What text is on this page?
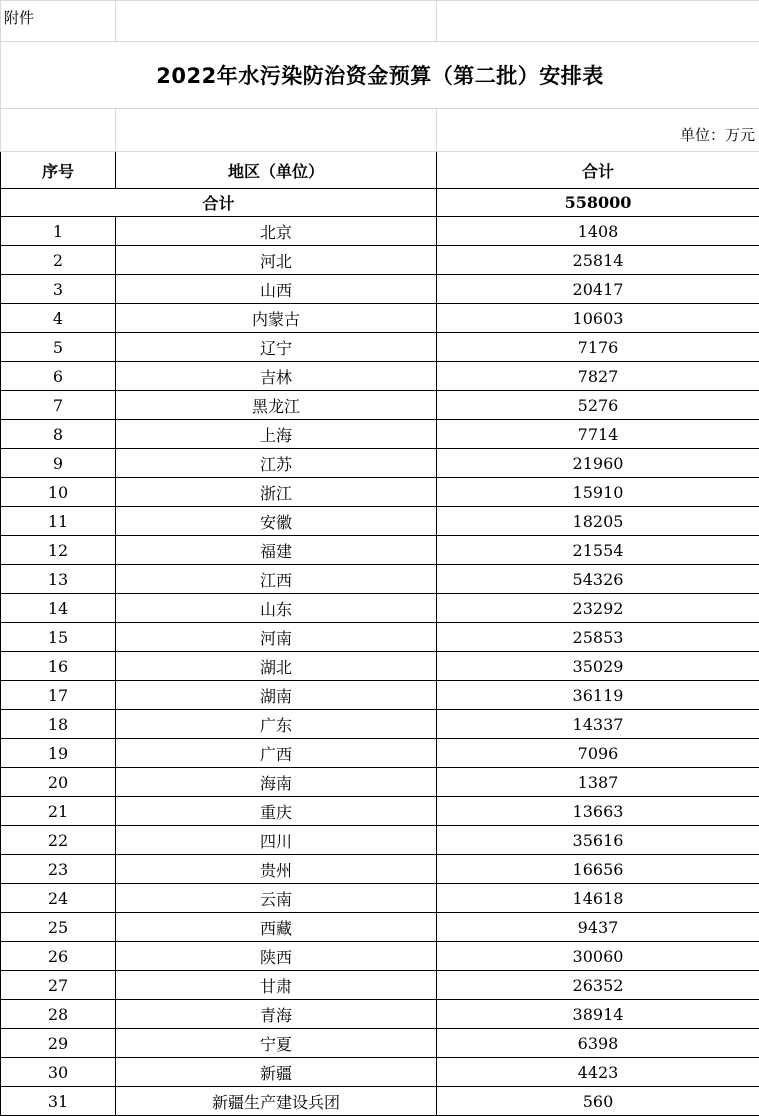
附件		
2022年水污染防治资金预算（第二批）安排表		
		单位：万元
序号	地区（单位）	合计
合计		558000
1	北京	1408
2	河北	25814
3	山西	20417
4	内蒙古	10603
5	辽宁	7176
6	吉林	7827
7	黑龙江	5276
8	上海	7714
9	江苏	21960
10	浙江	15910
11	安徽	18205
12	福建	21554
13	江西	54326
14	山东	23292
15	河南	25853
16	湖北	35029
17	湖南	36119
18	广东	14337
19	广西	7096
20	海南	1387
21	重庆	13663
22	四川	35616
23	贵州	16656
24	云南	14618
25	西藏	9437
26	陕西	30060
27	甘肃	26352
28	青海	38914
29	宁夏	6398
30	新疆	4423
31	新疆生产建设兵团	560
